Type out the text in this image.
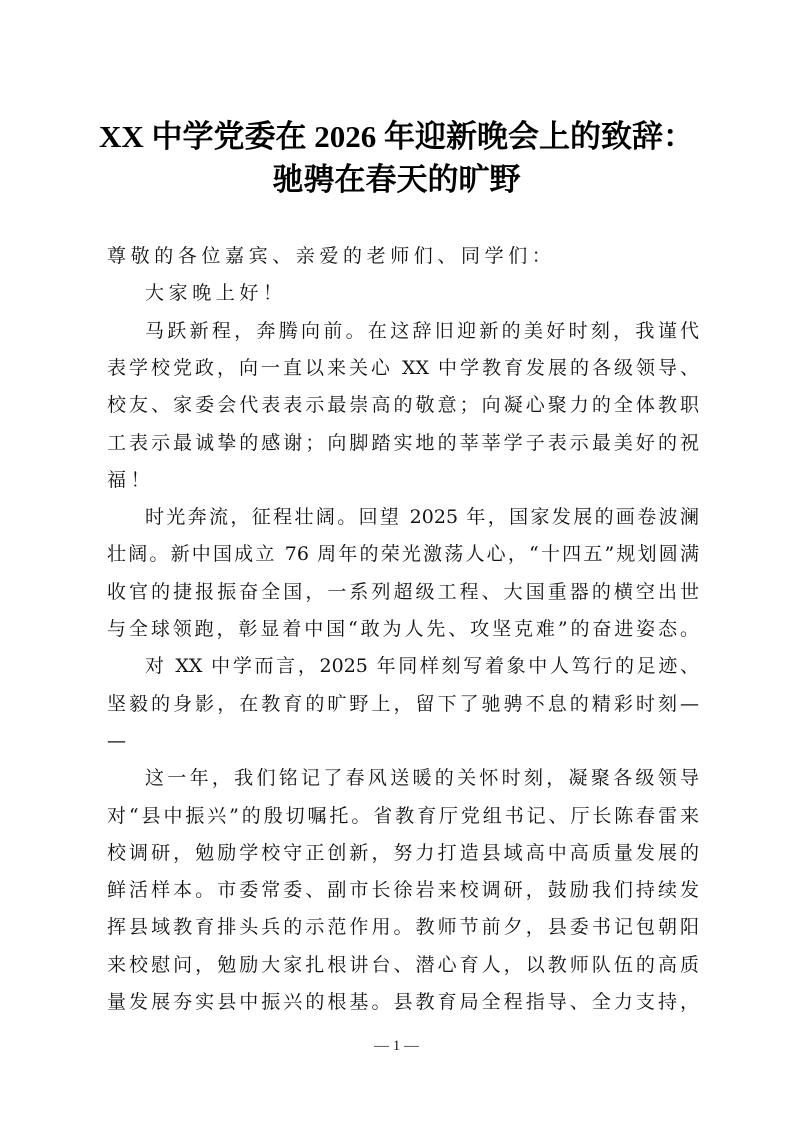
XX 中学党委在 2026 年迎新晚会上的致辞：
驰骋在春天的旷野
尊敬的各位嘉宾、亲爱的老师们、同学们：
大家晚上好！
马跃新程，奔腾向前。在这辞旧迎新的美好时刻，我谨代
表学校党政，向一直以来关心 XX 中学教育发展的各级领导、
校友、家委会代表表示最崇高的敬意；向凝心聚力的全体教职
工表示最诚挚的感谢；向脚踏实地的莘莘学子表示最美好的祝
福！
时光奔流，征程壮阔。回望 2025 年，国家发展的画卷波澜
壮阔。新中国成立 76 周年的荣光激荡人心，“十四五”规划圆满
收官的捷报振奋全国，一系列超级工程、大国重器的横空出世
与全球领跑，彰显着中国“敢为人先、攻坚克难”的奋进姿态。
对 XX 中学而言，2025 年同样刻写着象中人笃行的足迹、
坚毅的身影，在教育的旷野上，留下了驰骋不息的精彩时刻—
—
这一年，我们铭记了春风送暖的关怀时刻，凝聚各级领导
对“县中振兴”的殷切嘱托。省教育厅党组书记、厅长陈春雷来
校调研，勉励学校守正创新，努力打造县域高中高质量发展的
鲜活样本。市委常委、副市长徐岩来校调研，鼓励我们持续发
挥县域教育排头兵的示范作用。教师节前夕，县委书记包朝阳
来校慰问，勉励大家扎根讲台、潜心育人，以教师队伍的高质
量发展夯实县中振兴的根基。县教育局全程指导、全力支持，
— 1 —
